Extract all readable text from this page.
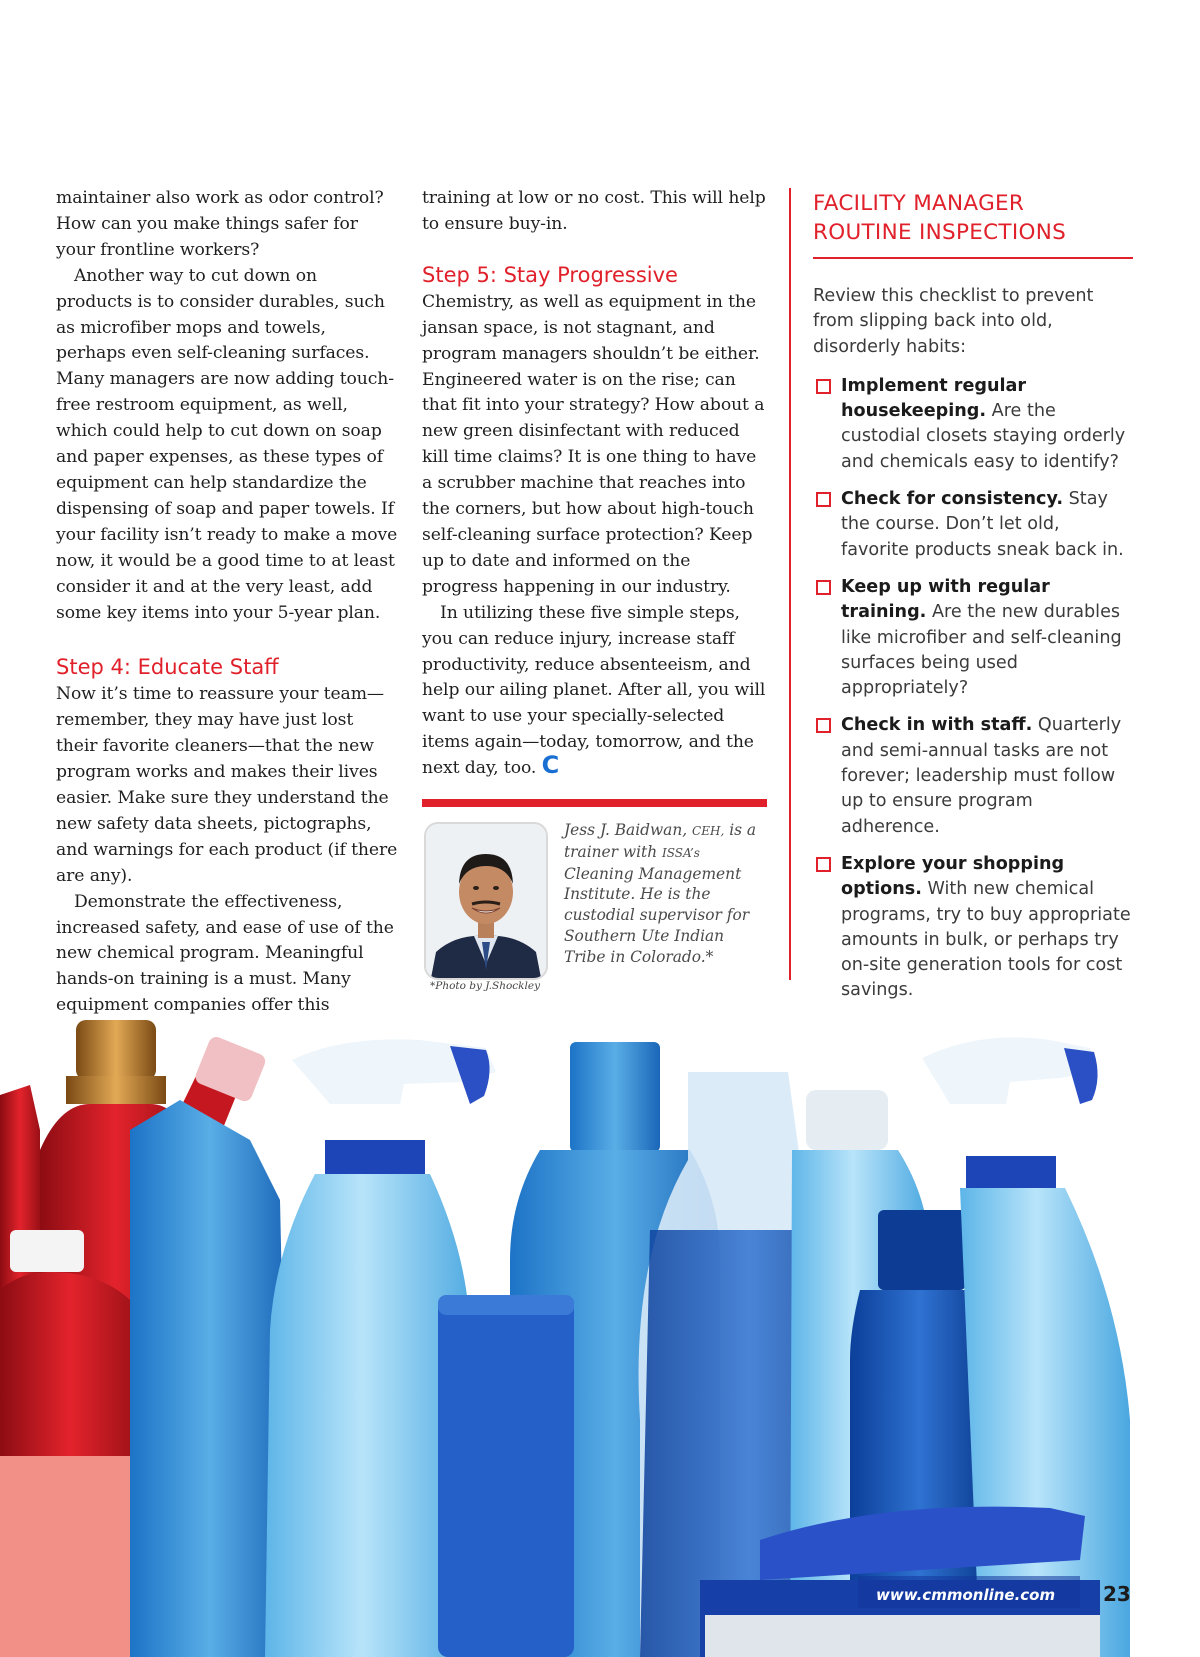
maintainer also work as odor control? How can you make things safer for your frontline workers?

Another way to cut down on products is to consider durables, such as microfiber mops and towels, perhaps even self-cleaning surfaces. Many managers are now adding touch-free restroom equipment, as well, which could help to cut down on soap and paper expenses, as these types of equipment can help standardize the dispensing of soap and paper towels. If your facility isn’t ready to make a move now, it would be a good time to at least consider it and at the very least, add some key items into your 5-year plan.

Step 4: Educate Staff

Now it’s time to reassure your team—remember, they may have just lost their favorite cleaners—that the new program works and makes their lives easier. Make sure they understand the new safety data sheets, pictographs, and warnings for each product (if there are any).

Demonstrate the effectiveness, increased safety, and ease of use of the new chemical program. Meaningful hands-on training is a must. Many equipment companies offer this

training at low or no cost. This will help to ensure buy-in.

Step 5: Stay Progressive

Chemistry, as well as equipment in the jansan space, is not stagnant, and program managers shouldn’t be either. Engineered water is on the rise; can that fit into your strategy? How about a new green disinfectant with reduced kill time claims? It is one thing to have a scrubber machine that reaches into the corners, but how about high-touch self-cleaning surface protection? Keep up to date and informed on the progress happening in our industry.

In utilizing these five simple steps, you can reduce injury, increase staff productivity, reduce absenteeism, and help our ailing planet. After all, you will want to use your specially-selected items again—today, tomorrow, and the next day, too. C

*Photo by J.Shockley
Jess J. Baidwan, CEH, is a trainer with ISSA’s Cleaning Management Institute. He is the custodial supervisor for Southern Ute Indian Tribe in Colorado.*
FACILITY MANAGER
ROUTINE INSPECTIONS
Review this checklist to prevent from slipping back into old, disorderly habits:
Implement regular housekeeping. Are the custodial closets staying orderly and chemicals easy to identify?
Check for consistency. Stay the course. Don’t let old, favorite products sneak back in.
Keep up with regular training. Are the new durables like microfiber and self-cleaning surfaces being used appropriately?
Check in with staff. Quarterly and semi-annual tasks are not forever; leadership must follow up to ensure program adherence.
Explore your shopping options. With new chemical programs, try to buy appropriate amounts in bulk, or perhaps try on-site generation tools for cost savings.
www.cmmonline.com 23
